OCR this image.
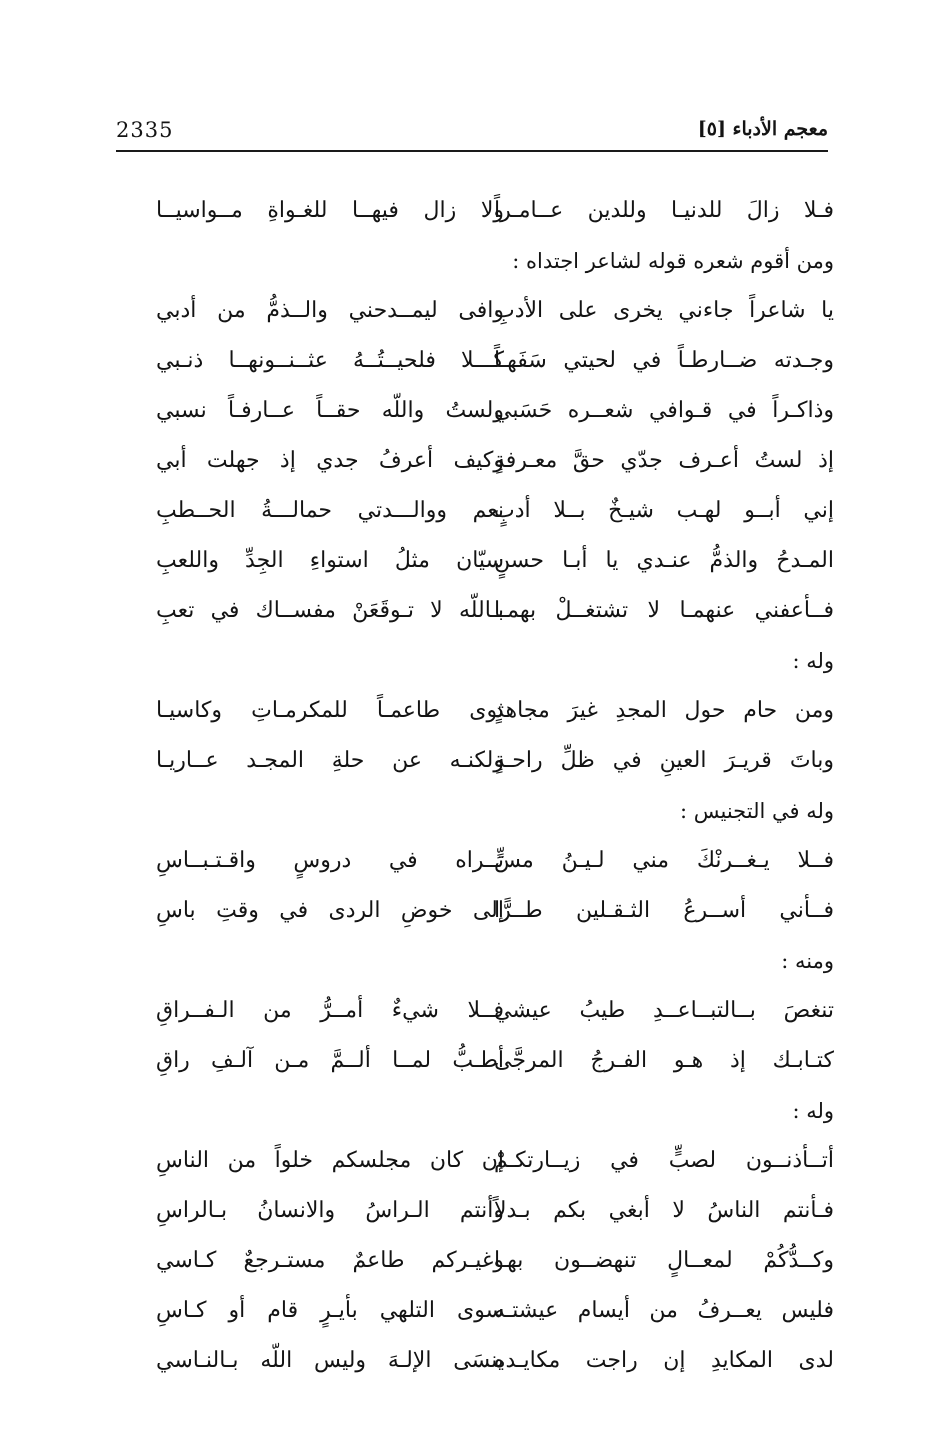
2335	معجم الأدباء [٥]
فـلا زالَ للدنيـا وللدين عــامـراً
ولا زال فيهــا للغـواةِ مــواسيــا
ومن أقوم شعره قوله لشاعر اجتداه :
يا شاعراً جاءني يخرى على الأدبِ
وافى ليمــدحني والــذمُّ من أدبي
وجـدته ضــارطـاً في لحيتي سَفَهـاً
كـــلا فلحيــتُــهُ عثــنــونهــا ذنـبي
وذاكـراً في قـوافي شعــره حَسَبي
ولستُ واللّه حقــاً عــارفـاً نسبي
إذ لستُ أعـرف جدّي حقَّ معـرفةٍ
وكيف أعرفُ جدي إذ جهلت أبي
إني أبــو لهـب شيـخٌ بــلا أدبٍ
نعم ووالـــدتي حمالـــةُ الحــطبِ
المـدحُ والذمُّ عنـدي يا أبـا حسنٍ
سيّان مثلُ استواءِ الجِدِّ واللعبِ
فــأعفني عنهمـا لا تشتغــلْ بهمـا
بـاللّه لا تـوقَعَنْ مفســاك في تعبِ
وله :
ومن حام حول المجدِ غيرَ مجاهدٍ
ثوى طاعمـاً للمكرمـاتِ وكاسيـا
وباتَ قريـرَ العينِ في ظلِّ راحـةٍ
ولكنـه عن حلةِ المجـد عــاريـا
وله في التجنيس :
فــلا يـغــرنْكَ مني لـيـنُ مسٍّ
تــراه في دروسٍ واقـتـبــاسِ
فــأني أســرعُ الثـقـلين طــرًّا
إلى خوضِ الردى في وقتِ باسِ
ومنه :
تنغصَ بــالتبــاعــدِ طيبُ عيشي
فــلا شيءٌ أمــرُّ من الـفــراقِ
كتـابـك إذ هـو الفـرجُ المرجَّى
أطـبُّ لمــا ألــمَّ مـن آلـفِ راقِ
وله :
أتــأذنــون لصبٍّ في زيــارتكـمْ
إن كان مجلسكم خلواً من الناسِ
فـأنتم الناسُ لا أبغي بكم بـدلاً
وأنتم الـراسُ والانسانُ بـالراسِ
وكــدُّكُمْ لمعــالٍ تنهضــون بهـا
وغيـركم طاعمٌ مستـرجعٌ كـاسي
فليس يعــرفُ من أيسام عيشتـه
سوى التلهي بأيـرٍ قام أو كـاسِ
لدى المكايدِ إن راجت مكايـده
ينسَى الإلـهَ وليس اللّه بـالنـاسي
